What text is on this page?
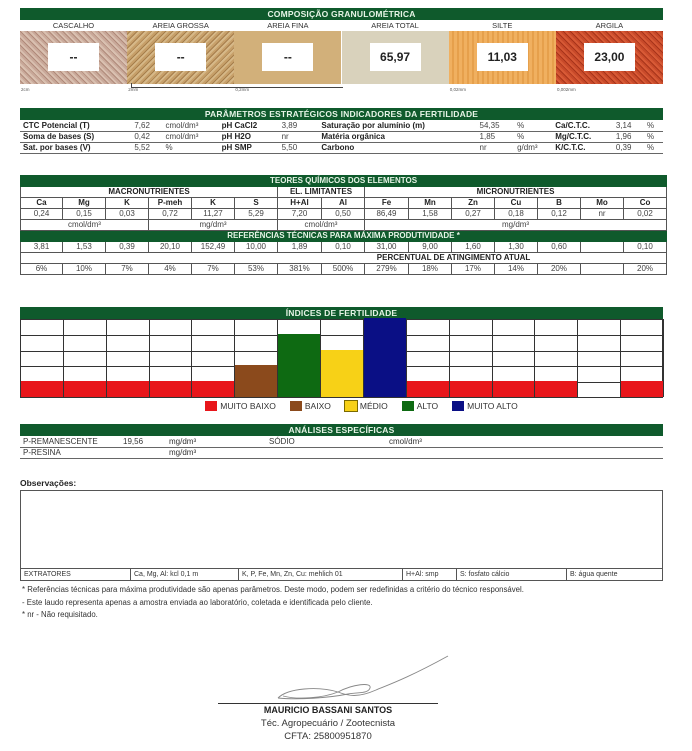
COMPOSIÇÃO GRANULOMÉTRICA
CASCALHO
--
2cm
AREIA GROSSA
--
2mm
AREIA FINA
--
0,2mm
AREIA TOTAL
65,97
SILTE
11,03
0,02mm
ARGILA
23,00
0,002mm
PARÂMETROS ESTRATÉGICOS INDICADORES DA FERTILIDADE
CTC Potencial (T)	7,62	cmol/dm³	pH CaCl2	3,89		Saturação por alumínio (m)	54,35	%	Ca/C.T.C.	3,14	%
Soma de bases (S)	0,42	cmol/dm³	pH H2O	nr		Matéria orgânica	1,85	%	Mg/C.T.C.	1,96	%
Sat. por bases (V)	5,52	%	pH SMP	5,50		Carbono	nr	g/dm³	K/C.T.C.	0,39	%
TEORES QUÍMICOS DOS ELEMENTOS														
MACRONUTRIENTES						EL. LIMITANTES		MICRONUTRIENTES						
Ca	Mg	K	P-meh	K	S	H+Al	Al	Fe	Mn	Zn	Cu	B	Mo	Co
0,24	0,15	0,03	0,72	11,27	5,29	7,20	0,50	86,49	1,58	0,27	0,18	0,12	nr	0,02
cmol/dm³			mg/dm³			cmol/dm³		mg/dm³						
REFERÊNCIAS TÉCNICAS PARA MÁXIMA PRODUTIVIDADE *														
3,81	1,53	0,39	20,10	152,49	10,00	1,89	0,10	31,00	9,00	1,60	1,30	0,60		0,10
PERCENTUAL DE ATINGIMENTO ATUAL														
6%	10%	7%	4%	7%	53%	381%	500%	279%	18%	17%	14%	20%		20%
ÍNDICES DE FERTILIDADE
MUITO BAIXO	BAIXO	MÉDIO	ALTO	MUITO ALTO
ANÁLISES ESPECÍFICAS
P-REMANESCENTE	19,56	mg/dm³	SÓDIO		cmol/dm³
P-RESINA		mg/dm³			
Observações:
EXTRATORES	Ca, Mg, Al: kcl 0,1 m	K, P, Fe, Mn, Zn, Cu: mehlich 01	H+Al: smp	S: fosfato cálcio	B: água quente
* Referências técnicas para máxima produtividade são apenas parâmetros. Deste modo, podem ser redefinidas a critério do técnico responsável.
- Este laudo representa apenas a amostra enviada ao laboratório, coletada e identificada pelo cliente.
* nr - Não requisitado.
MAURICIO BASSANI SANTOS
Téc. Agropecuário / Zootecnista
CFTA: 25800951870
